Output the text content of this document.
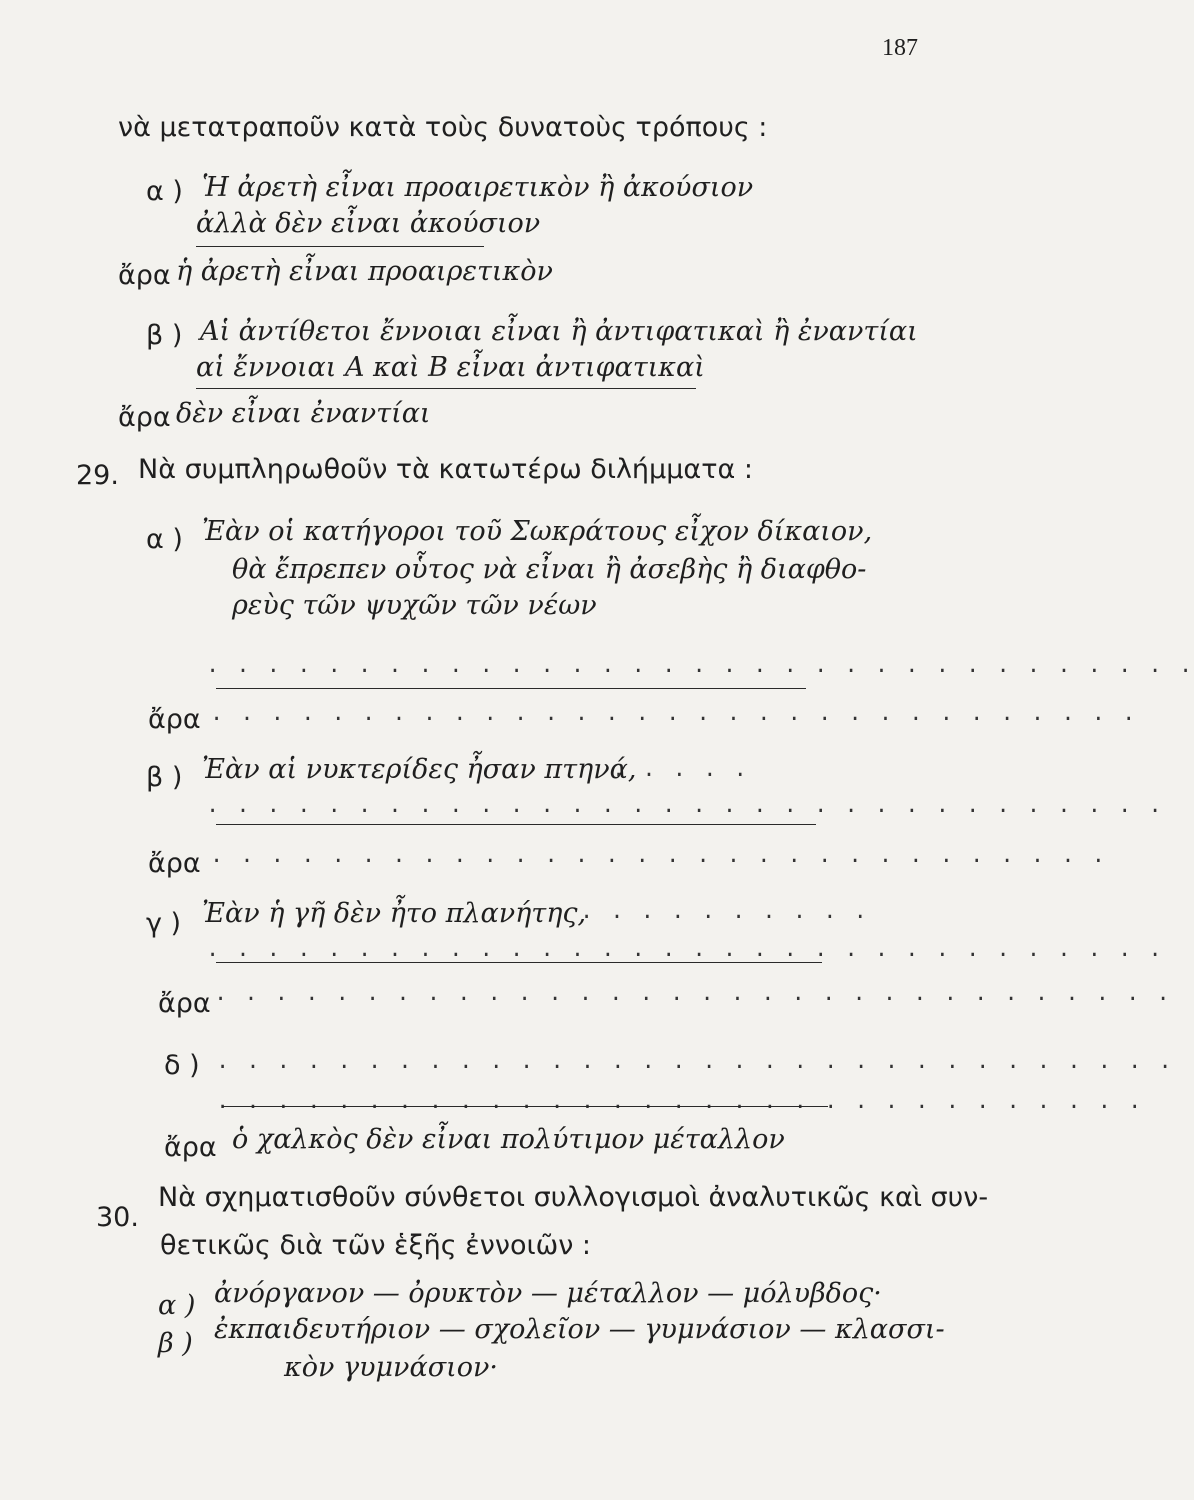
187
νὰ μετατραποῦν κατὰ τοὺς δυνατοὺς τρόπους :
α ) Ἡ ἀρετὴ εἶναι προαιρετικὸν ἢ ἀκούσιον
ἀλλὰ δὲν εἶναι ἀκούσιον
ἄρα ἡ ἀρετὴ εἶναι προαιρετικὸν
β ) Αἱ ἀντίθετοι ἔννοιαι εἶναι ἢ ἀντιφατικαὶ ἢ ἐναντίαι
αἱ ἔννοιαι Α καὶ Β εἶναι ἀντιφατικαὶ
ἄρα δὲν εἶναι ἐναντίαι
29. Νὰ συμπληρωθοῦν τὰ κατωτέρω διλήμματα :
α ) Ἐὰν οἱ κατήγοροι τοῦ Σωκράτους εἶχον δίκαιον,
θὰ ἔπρεπεν οὗτος νὰ εἶναι ἢ ἀσεβὴς ἢ διαφθο-
ρεὺς τῶν ψυχῶν τῶν νέων
. . . . . . . . . . . . . . . . . . . . . . . . . . . . . . . . .
ἄρα . . . . . . . . . . . . . . . . . . . . . . . . . . . . . . .
β ) Ἐὰν αἱ νυκτερίδες ἦσαν πτηνά,
. . . . .
. . . . . . . . . . . . . . . . . . . . . . . . . . . . . . . .
ἄρα . . . . . . . . . . . . . . . . . . . . . . . . . . . . . .
γ ) Ἐὰν ἡ γῆ δὲν ἦτο πλανήτης,
. . . . . . . . . .
. . . . . . . . . . . . . . . . . . . . . . . . . . . . . . . .
ἄρα . . . . . . . . . . . . . . . . . . . . . . . . . . . . . . . .
δ ) . . . . . . . . . . . . . . . . . . . . . . . . . . . . . . . .
. . . . . . . . . . . . . . . . . . . . . . . . . . . . . . .
ἄρα ὁ χαλκὸς δὲν εἶναι πολύτιμον μέταλλον
30.
Νὰ σχηματισθοῦν σύνθετοι συλλογισμοὶ ἀναλυτικῶς καὶ συν-
θετικῶς διὰ τῶν ἑξῆς ἐννοιῶν :
α ) ἀνόργανον — ὀρυκτὸν — μέταλλον — μόλυβδος·
β ) ἐκπαιδευτήριον — σχολεῖον — γυμνάσιον — κλασσι-
κὸν γυμνάσιον·
